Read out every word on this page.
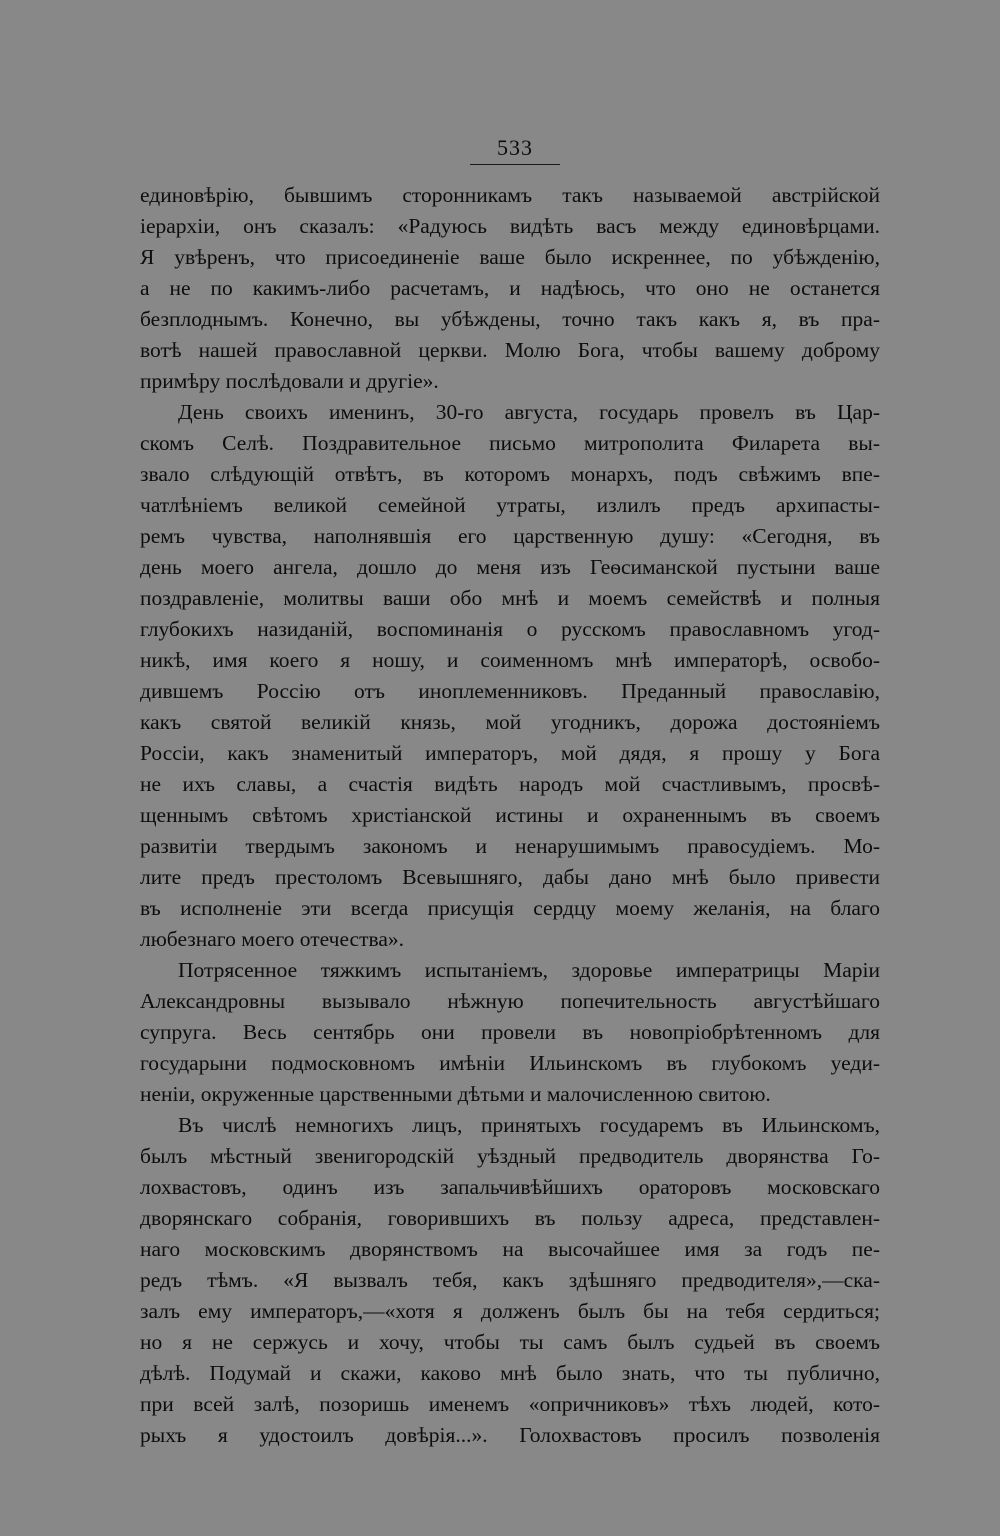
533
единовѣрію, бывшимъ сторонникамъ такъ называемой австрійской
іерархіи, онъ сказалъ: «Радуюсь видѣть васъ между единовѣрцами.
Я увѣренъ, что присоединеніе ваше было искреннее, по убѣжденію,
а не по какимъ-либо расчетамъ, и надѣюсь, что оно не останется
безплоднымъ. Конечно, вы убѣждены, точно такъ какъ я, въ пра-
вотѣ нашей православной церкви. Молю Бога, чтобы вашему доброму
примѣру послѣдовали и другіе».
День своихъ именинъ, 30-го августа, государь провелъ въ Цар-
скомъ Селѣ. Поздравительное письмо митрополита Филарета вы-
звало слѣдующій отвѣтъ, въ которомъ монархъ, подъ свѣжимъ впе-
чатлѣніемъ великой семейной утраты, излилъ предъ архипасты-
ремъ чувства, наполнявшія его царственную душу: «Сегодня, въ
день моего ангела, дошло до меня изъ Геѳсиманской пустыни ваше
поздравленіе, молитвы ваши обо мнѣ и моемъ семействѣ и полныя
глубокихъ назиданій, воспоминанія о русскомъ православномъ угод-
никѣ, имя коего я ношу, и соименномъ мнѣ императорѣ, освобо-
дившемъ Россію отъ иноплеменниковъ. Преданный православію,
какъ святой великій князь, мой угодникъ, дорожа достояніемъ
Россіи, какъ знаменитый императоръ, мой дядя, я прошу у Бога
не ихъ славы, а счастія видѣть народъ мой счастливымъ, просвѣ-
щеннымъ свѣтомъ христіанской истины и охраненнымъ въ своемъ
развитіи твердымъ закономъ и ненарушимымъ правосудіемъ. Мо-
лите предъ престоломъ Всевышняго, дабы дано мнѣ было привести
въ исполненіе эти всегда присущія сердцу моему желанія, на благо
любезнаго моего отечества».
Потрясенное тяжкимъ испытаніемъ, здоровье императрицы Маріи
Александровны вызывало нѣжную попечительность августѣйшаго
супруга. Весь сентябрь они провели въ новопріобрѣтенномъ для
государыни подмосковномъ имѣніи Ильинскомъ въ глубокомъ уеди-
неніи, окруженные царственными дѣтьми и малочисленною свитою.
Въ числѣ немногихъ лицъ, принятыхъ государемъ въ Ильинскомъ,
былъ мѣстный звенигородскій уѣздный предводитель дворянства Го-
лохвастовъ, одинъ изъ запальчивѣйшихъ ораторовъ московскаго
дворянскаго собранія, говорившихъ въ пользу адреса, представлен-
наго московскимъ дворянствомъ на высочайшее имя за годъ пе-
редъ тѣмъ. «Я вызвалъ тебя, какъ здѣшняго предводителя»,—ска-
залъ ему императоръ,—«хотя я долженъ былъ бы на тебя сердиться;
но я не сержусь и хочу, чтобы ты самъ былъ судьей въ своемъ
дѣлѣ. Подумай и скажи, каково мнѣ было знать, что ты публично,
при всей залѣ, позоришь именемъ «опричниковъ» тѣхъ людей, кото-
рыхъ я удостоилъ довѣрія...». Голохвастовъ просилъ позволенія
